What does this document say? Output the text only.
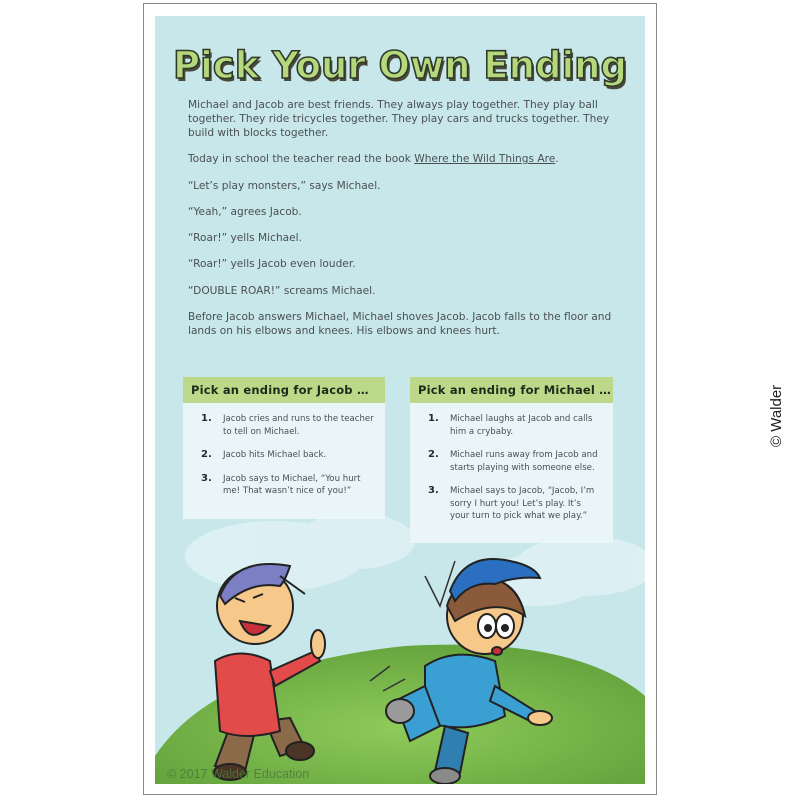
Pick Your Own Ending

Michael and Jacob are best friends. They always play together. They play ball together. They ride tricycles together. They play cars and trucks together. They build with blocks together.

Today in school the teacher read the book Where the Wild Things Are.

“Let’s play monsters,” says Michael.

“Yeah,” agrees Jacob.

“Roar!” yells Michael.

“Roar!” yells Jacob even louder.

“DOUBLE ROAR!” screams Michael.

Before Jacob answers Michael, Michael shoves Jacob. Jacob falls to the floor and lands on his elbows and knees. His elbows and knees hurt.

© 2017 Walder Education
Pick an ending for Jacob …
1.	Jacob cries and runs to the teacher to tell on Michael.
2.	Jacob hits Michael back.
3.	Jacob says to Michael, “You hurt me! That wasn’t nice of you!”
Pick an ending for Michael …
1.	Michael laughs at Jacob and calls him a crybaby.
2.	Michael runs away from Jacob and starts playing with someone else.
3.	Michael says to Jacob, “Jacob, I’m sorry I hurt you! Let’s play. It’s your turn to pick what we play.”
© Walder
